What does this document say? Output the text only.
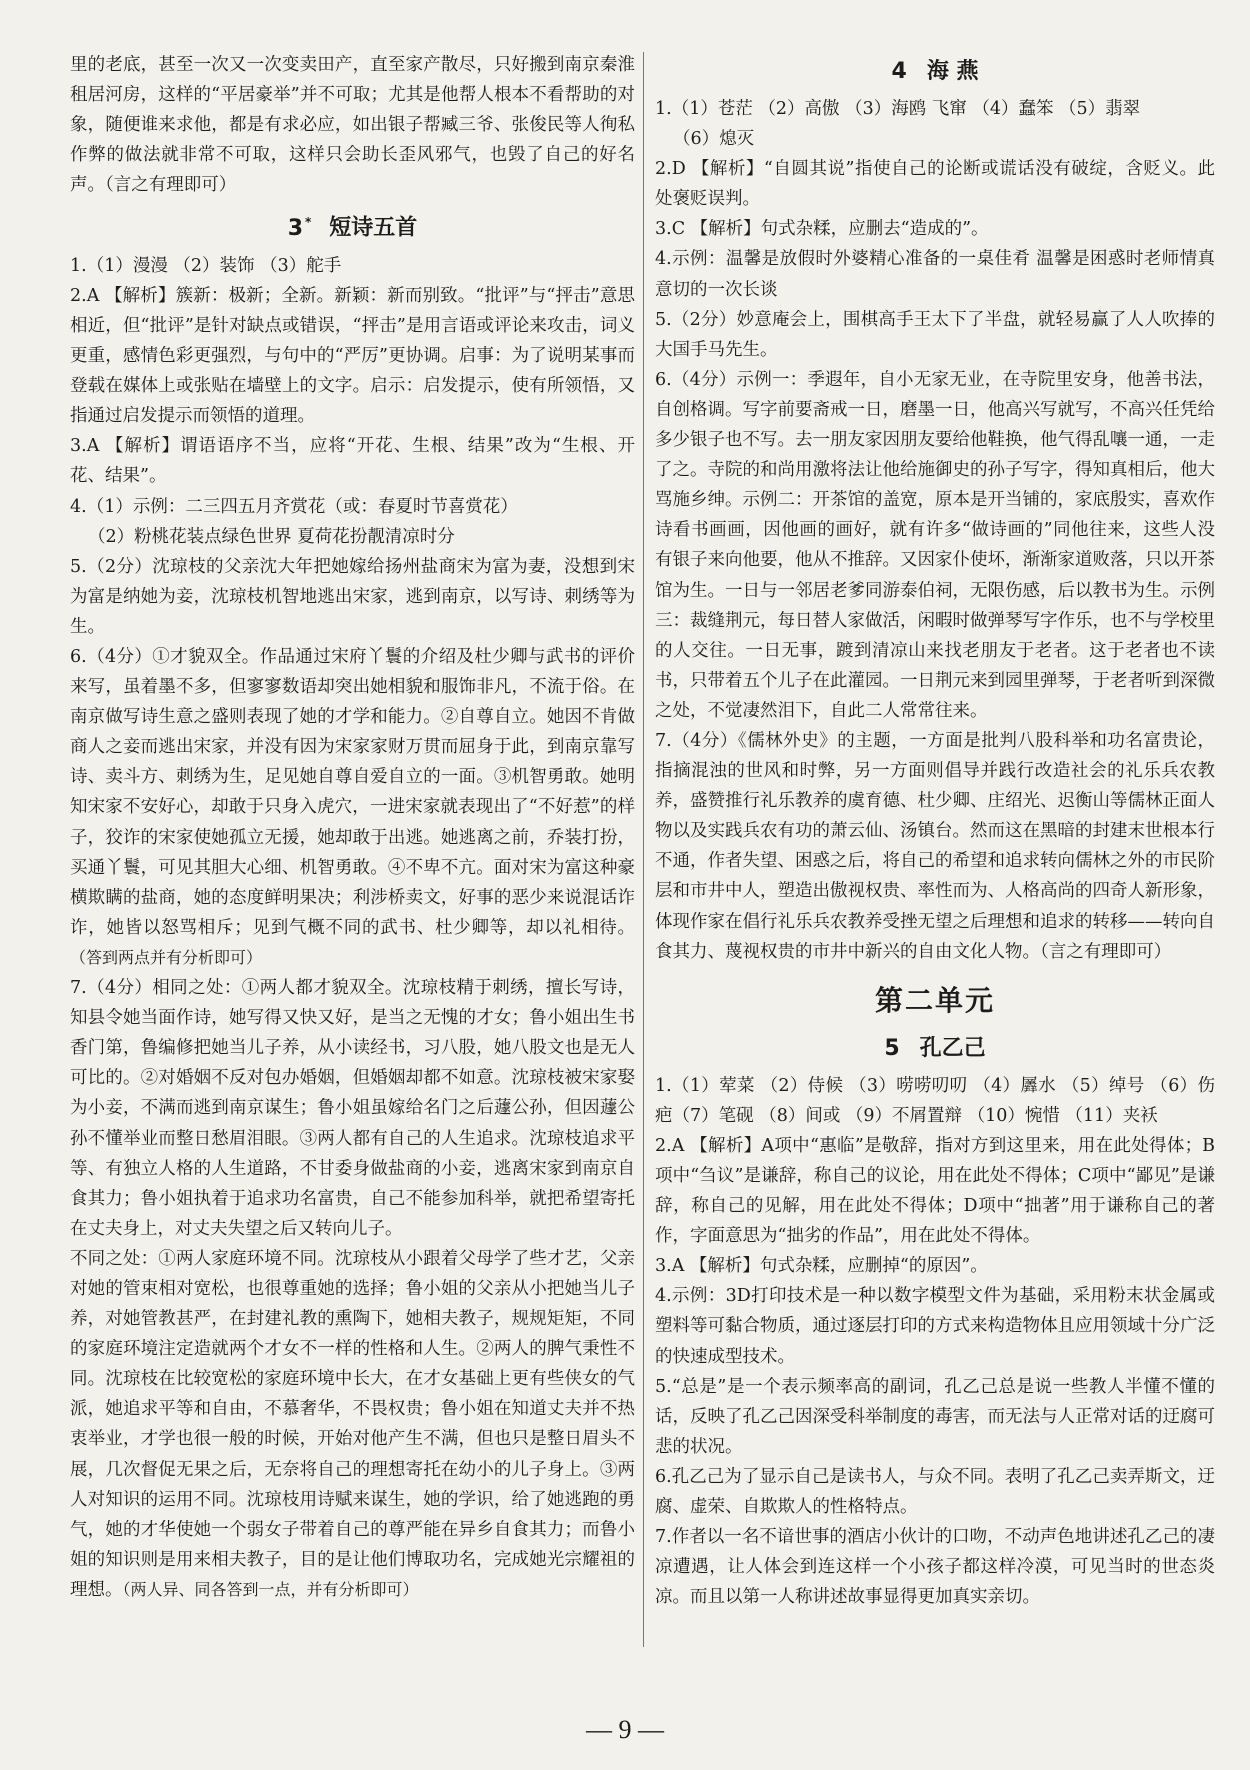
里的老底，甚至一次又一次变卖田产，直至家产散尽，只好搬到南京秦淮租居河房，这样的“平居豪举”并不可取；尤其是他帮人根本不看帮助的对象，随便谁来求他，都是有求必应，如出银子帮臧三爷、张俊民等人徇私作弊的做法就非常不可取，这样只会助长歪风邪气，也毁了自己的好名声。（言之有理即可）

3 * 短诗五首

1.（1）漫漫 （2）装饰 （3）舵手

2.A 【解析】簇新：极新；全新。新颖：新而别致。“批评”与“抨击”意思相近，但“批评”是针对缺点或错误，“抨击”是用言语或评论来攻击，词义更重，感情色彩更强烈，与句中的“严厉”更协调。启事：为了说明某事而登载在媒体上或张贴在墙壁上的文字。启示：启发提示，使有所领悟，又指通过启发提示而领悟的道理。

3.A 【解析】谓语语序不当，应将“开花、生根、结果”改为“生根、开花、结果”。

4.（1）示例：二三四五月齐赏花（或：春夏时节喜赏花）

（2）粉桃花装点绿色世界 夏荷花扮靓清凉时分

5.（2分）沈琼枝的父亲沈大年把她嫁给扬州盐商宋为富为妻，没想到宋为富是纳她为妾，沈琼枝机智地逃出宋家，逃到南京，以写诗、刺绣等为生。

6.（4分）①才貌双全。作品通过宋府丫鬟的介绍及杜少卿与武书的评价来写，虽着墨不多，但寥寥数语却突出她相貌和服饰非凡，不流于俗。在南京做写诗生意之盛则表现了她的才学和能力。②自尊自立。她因不肯做商人之妾而逃出宋家，并没有因为宋家家财万贯而屈身于此，到南京靠写诗、卖斗方、刺绣为生，足见她自尊自爱自立的一面。③机智勇敢。她明知宋家不安好心，却敢于只身入虎穴，一进宋家就表现出了“不好惹”的样子，狡诈的宋家使她孤立无援，她却敢于出逃。她逃离之前，乔装打扮，买通丫鬟，可见其胆大心细、机智勇敢。④不卑不亢。面对宋为富这种豪横欺瞒的盐商，她的态度鲜明果决；利涉桥卖文，好事的恶少来说混话诈诈，她皆以怒骂相斥；见到气概不同的武书、杜少卿等，却以礼相待。（答到两点并有分析即可）

7.（4分）相同之处：①两人都才貌双全。沈琼枝精于刺绣，擅长写诗，知县令她当面作诗，她写得又快又好，是当之无愧的才女；鲁小姐出生书香门第，鲁编修把她当儿子养，从小读经书，习八股，她八股文也是无人可比的。②对婚姻不反对包办婚姻，但婚姻却都不如意。沈琼枝被宋家娶为小妾，不满而逃到南京谋生；鲁小姐虽嫁给名门之后蘧公孙，但因蘧公孙不懂举业而整日愁眉泪眼。③两人都有自己的人生追求。沈琼枝追求平等、有独立人格的人生道路，不甘委身做盐商的小妾，逃离宋家到南京自食其力；鲁小姐执着于追求功名富贵，自己不能参加科举，就把希望寄托在丈夫身上，对丈夫失望之后又转向儿子。

不同之处：①两人家庭环境不同。沈琼枝从小跟着父母学了些才艺，父亲对她的管束相对宽松，也很尊重她的选择；鲁小姐的父亲从小把她当儿子养，对她管教甚严，在封建礼教的熏陶下，她相夫教子，规规矩矩，不同的家庭环境注定造就两个才女不一样的性格和人生。②两人的脾气秉性不同。沈琼枝在比较宽松的家庭环境中长大，在才女基础上更有些侠女的气派，她追求平等和自由，不慕奢华，不畏权贵；鲁小姐在知道丈夫并不热衷举业，才学也很一般的时候，开始对他产生不满，但也只是整日眉头不展，几次督促无果之后，无奈将自己的理想寄托在幼小的儿子身上。③两人对知识的运用不同。沈琼枝用诗赋来谋生，她的学识，给了她逃跑的勇气，她的才华使她一个弱女子带着自己的尊严能在异乡自食其力；而鲁小姐的知识则是用来相夫教子，目的是让他们博取功名，完成她光宗耀祖的理想。（两人异、同各答到一点，并有分析即可）

4 海 燕

1.（1）苍茫 （2）高傲 （3）海鸥 飞窜 （4）蠢笨 （5）翡翠

（6）熄灭

2.D 【解析】“自圆其说”指使自己的论断或谎话没有破绽，含贬义。此处褒贬误判。

3.C 【解析】句式杂糅，应删去“造成的”。

4.示例：温馨是放假时外婆精心准备的一桌佳肴 温馨是困惑时老师情真意切的一次长谈

5.（2分）妙意庵会上，围棋高手王太下了半盘，就轻易赢了人人吹捧的大国手马先生。

6.（4分）示例一：季遐年，自小无家无业，在寺院里安身，他善书法，自创格调。写字前要斋戒一日，磨墨一日，他高兴写就写，不高兴任凭给多少银子也不写。去一朋友家因朋友要给他鞋换，他气得乱嚷一通，一走了之。寺院的和尚用激将法让他给施御史的孙子写字，得知真相后，他大骂施乡绅。示例二：开茶馆的盖宽，原本是开当铺的，家底殷实，喜欢作诗看书画画，因他画的画好，就有许多“做诗画的”同他往来，这些人没有银子来向他要，他从不推辞。又因家仆使坏，渐渐家道败落，只以开茶馆为生。一日与一邻居老爹同游泰伯祠，无限伤感，后以教书为生。示例三：裁缝荆元，每日替人家做活，闲暇时做弹琴写字作乐，也不与学校里的人交往。一日无事，踱到清凉山来找老朋友于老者。这于老者也不读书，只带着五个儿子在此灌园。一日荆元来到园里弹琴，于老者听到深微之处，不觉凄然泪下，自此二人常常往来。

7.（4分）《儒林外史》的主题，一方面是批判八股科举和功名富贵论，指摘混浊的世风和时弊，另一方面则倡导并践行改造社会的礼乐兵农教养，盛赞推行礼乐教养的虞育德、杜少卿、庄绍光、迟衡山等儒林正面人物以及实践兵农有功的萧云仙、汤镇台。然而这在黑暗的封建末世根本行不通，作者失望、困惑之后，将自己的希望和追求转向儒林之外的市民阶层和市井中人，塑造出傲视权贵、率性而为、人格高尚的四奇人新形象，体现作家在倡行礼乐兵农教养受挫无望之后理想和追求的转移——转向自食其力、蔑视权贵的市井中新兴的自由文化人物。（言之有理即可）

第二单元
5 孔乙己

1.（1）荤菜 （2）侍候 （3）唠唠叨叨 （4）羼水 （5）绰号 （6）伤疤（7）笔砚 （8）间或 （9）不屑置辩 （10）惋惜 （11）夹袄

2.A 【解析】A项中“惠临”是敬辞，指对方到这里来，用在此处得体；B项中“刍议”是谦辞，称自己的议论，用在此处不得体；C项中“鄙见”是谦辞，称自己的见解，用在此处不得体；D项中“拙著”用于谦称自己的著作，字面意思为“拙劣的作品”，用在此处不得体。

3.A 【解析】句式杂糅，应删掉“的原因”。

4.示例：3D打印技术是一种以数字模型文件为基础，采用粉末状金属或塑料等可黏合物质，通过逐层打印的方式来构造物体且应用领域十分广泛的快速成型技术。

5.“总是”是一个表示频率高的副词，孔乙己总是说一些教人半懂不懂的话，反映了孔乙己因深受科举制度的毒害，而无法与人正常对话的迂腐可悲的状况。

6.孔乙己为了显示自己是读书人，与众不同。表明了孔乙己卖弄斯文，迂腐、虚荣、自欺欺人的性格特点。

7.作者以一名不谙世事的酒店小伙计的口吻，不动声色地讲述孔乙己的凄凉遭遇，让人体会到连这样一个小孩子都这样冷漠，可见当时的世态炎凉。而且以第一人称讲述故事显得更加真实亲切。

— 9 —
